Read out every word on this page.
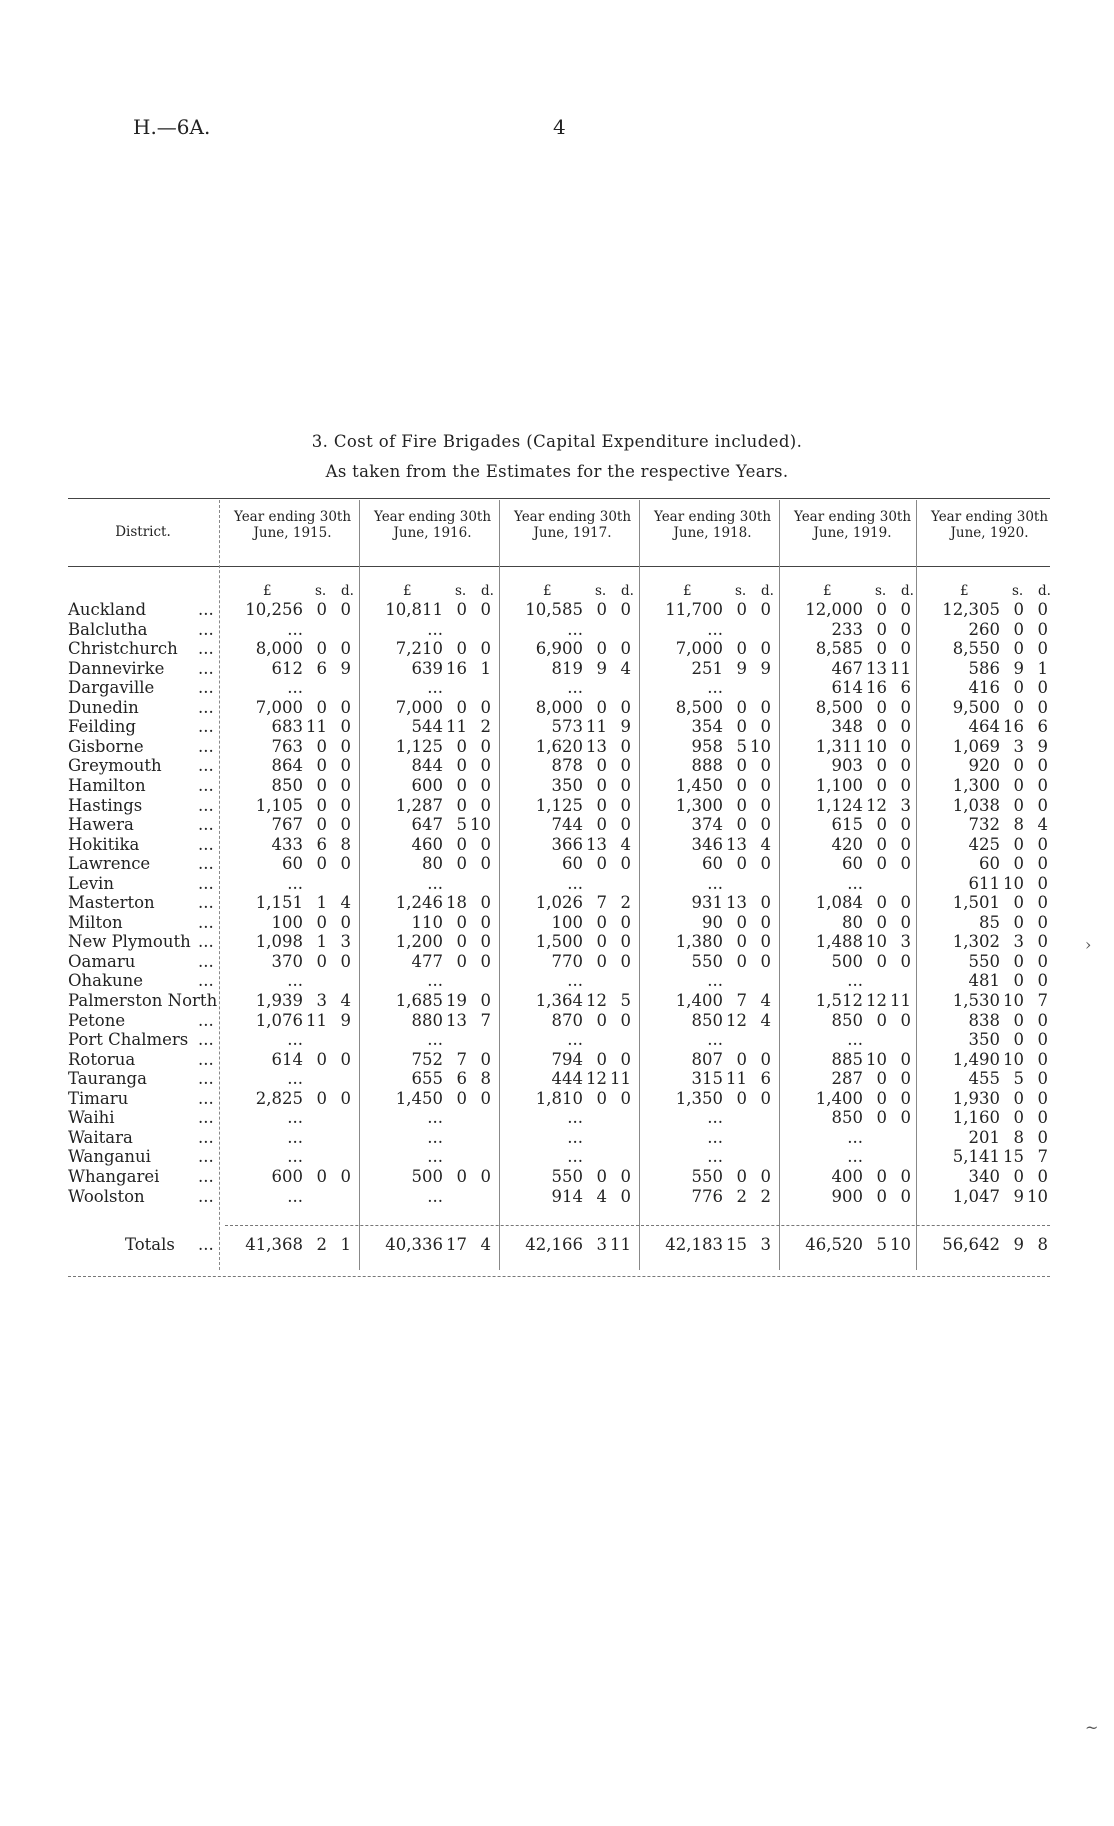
H.—6A.	4
3. Cost of Fire Brigades (Capital Expenditure included).
As taken from the Estimates for the respective Years.
District.
Year ending 30th
June, 1915.
Year ending 30th
June, 1916.
Year ending 30th
June, 1917.
Year ending 30th
June, 1918.
Year ending 30th
June, 1919.
Year ending 30th
June, 1920.
£	s. d.	£	s. d.	£	s. d.	£	s. d.	£	s. d.	£	s. d.
Auckland	...	10,256 0 0	10,811 0 0	10,585 0 0	11,700 0 0	12,000 0 0	12,305 0 0
Balclutha	...	...	...	...	...	233 0 0	260 0 0
Christchurch ...	8,000 0 0	7,210 0 0	6,900 0 0	7,000 0 0	8,585 0 0	8,550 0 0
Dannevirke ...	612 6 9	639 16 1	819 9 4	251 9 9	467 13 11	586 9 1
Dargaville	...	...	...	...	...	614 16 6	416 0 0
Dunedin	...	7,000 0 0	7,000 0 0	8,000 0 0	8,500 0 0	8,500 0 0	9,500 0 0
Feilding	...	683 11 0	544 11 2	573 11 9	354 0 0	348 0 0	464 16 6
Gisborne	...	763 0 0	1,125 0 0	1,620 13 0	958 5 10	1,311 10 0	1,069 3 9
Greymouth ...	864 0 0	844 0 0	878 0 0	888 0 0	903 0 0	920 0 0
Hamilton	...	850 0 0	600 0 0	350 0 0	1,450 0 0	1,100 0 0	1,300 0 0
Hastings	...	1,105 0 0	1,287 0 0	1,125 0 0	1,300 0 0	1,124 12 3	1,038 0 0
Hawera	...	767 0 0	647 5 10	744 0 0	374 0 0	615 0 0	732 8 4
Hokitika	...	433 6 8	460 0 0	366 13 4	346 13 4	420 0 0	425 0 0
Lawrence	...	60 0 0	80 0 0	60 0 0	60 0 0	60 0 0	60 0 0
Levin	...	...	...	...	...	...	611 10 0
Masterton	...	1,151 1 4	1,246 18 0	1,026 7 2	931 13 0	1,084 0 0	1,501 0 0
Milton	...	100 0 0	110 0 0	100 0 0	90 0 0	80 0 0	85 0 0
New Plymouth ...	1,098 1 3	1,200 0 0	1,500 0 0	1,380 0 0	1,488 10 3	1,302 3 0
Oamaru	...	370 0 0	477 0 0	770 0 0	550 0 0	500 0 0	550 0 0
Ohakune	...	...	...	...	...	...	481 0 0
Palmerston North	1,939 3 4	1,685 19 0	1,364 12 5	1,400 7 4	1,512 12 11	1,530 10 7
Petone	...	1,076 11 9	880 13 7	870 0 0	850 12 4	850 0 0	838 0 0
Port Chalmers ...	...	...	...	...	...	350 0 0
Rotorua	...	614 0 0	752 7 0	794 0 0	807 0 0	885 10 0	1,490 10 0
Tauranga	...	...	655 6 8	444 12 11	315 11 6	287 0 0	455 5 0
Timaru	...	2,825 0 0	1,450 0 0	1,810 0 0	1,350 0 0	1,400 0 0	1,930 0 0
Waihi	...	...	...	...	...	850 0 0	1,160 0 0
Waitara	...	...	...	...	...	...	201 8 0
Wanganui	...	...	...	...	...	...	5,141 15 7
Whangarei ...	600 0 0	500 0 0	550 0 0	550 0 0	400 0 0	340 0 0
Woolston	...	...	...	914 4 0	776 2 2	900 0 0	1,047 9 10
Totals ...	41,368 2 1	40,336 17 4	42,166 3 11	42,183 15 3	46,520 5 10	56,642 9 8
›
~
